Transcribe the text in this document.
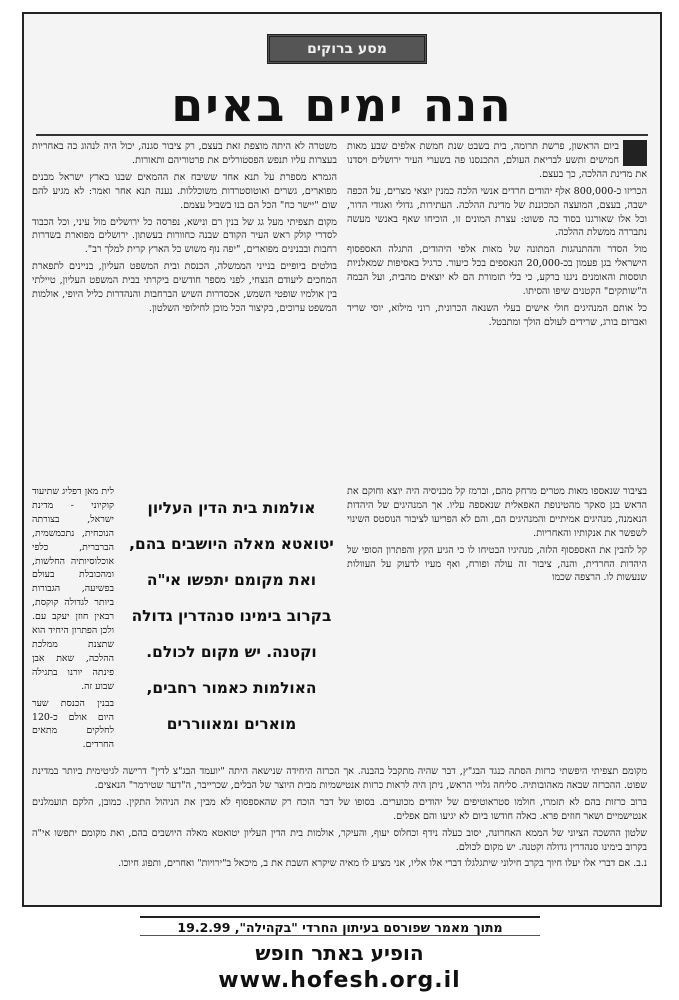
מסע ברוקים
הנה ימים באים

ביום הראשון, פרשת תרומה, בית בשבט שנת חמשת אלפים שבע מאות חמישים ותשע לבריאת העולם, התכנסנו פה בשערי העיר ירושלים ויסדנו את מדינת ההלכה, כך בעצם.

הכריזו כ-800,000 אלף יהודים חרדים אנשי הלכה כמנין יוצאי מצרים, על הכפה ישבה, בעצם, המועצה המכוננת של מדינת ההלכה. העתירות, גדולי ואגודי הדור, וכל אלו שאורגנו בסוד כה פשוט: עצרת המונים זו, הוכיחו שאף באנשי מעשה נתבררה ממשלת ההלכה.

מול הסדר וההתנהגות המתונה של מאות אלפי היהודים, התגלה האספסוף הישראלי בגן פעמון בכ-20,000 הנאספים בכל כיעור. כרגיל באסיפות שמאלניות תוססות והאומנים ניגנו ברקע, כי בלי תזמורת הם לא יוצאים מהבית, ועל הבמה ה"שותקים" הקטנים שיפו והסיתו.

כל אותם המנהיגים חולי אישים בעלי השנאה הכרונית, רוני מילוא, יוסי שריד ואברום בורג, שרידים לעולם הולך ומתבטל.

משטרה לא היתה מוצפת זאת בעצם, רק ציבור סגנה, יכול היה לנהוג כה באחריות בעצרות עליו תנפש הפסטורלים את פרטוריהם ותאורות.

הגמרא מספרת על תנא אחד ששיבח את ההמאים שבנו בארץ ישראל מבנים מפוארים, גשרים ואוטוסטרדות משוכללות. נענה תנא אחר ואמר: לא מגיע להם שום "יישר כח" הכל הם בנו בשביל עצמם.

מקום תצפיתי מעל גג של בנין רם ונישא, נפרסה כל ירושלים מול עיני, וכל הכבוד לסדרי קולק ראש העיר הקודם שבנה כחוורות בעשתון. ירושלים מפוארת בשדרות רחבות ובבנינים מפוארים, "יפה נוף משוש כל הארץ קרית למלך רב".

בולטים ביופיים בנייני הממשלה, הכנסת ובית המשפט העליון, בניינים לתפארת המחכים ליעודם הנצחי, לפני מספר חודשים ביקרתי בבית המשפט העליון, טיילתי בין אולמיו שופטי השמש, אכסדרות השיש הברחבות והנהדרות כליל היופי, אולמות המשפט ערוכים, בקיצור הכל מוכן לחילופי השלטון.

לית מאן דפליג שתיעוד קוקיוני - מדינת ישראל, בצורתה הנוכחית, נתכמשמית, הברברית, כלפי אוכלוסיותיה החלשות, ומהכובלת בעולם בפשיעה, הגבורות ביותר לגדולה קוקסת, רבאין חוזן יעקב עם. ולכן הפתרון היחיד הוא שתצנת ממלכת ההלכה, שאת אבן פינתה יורנו בתגילה שבוע זה.

בבנין הכנסת שער היום אולם כ-120 לחלקים מתאים החרדים.

אולמות בית הדין העליון יטואטא מאלה היושבים בהם, ואת מקומם יתפשו אי"ה בקרוב בימינו סנהדרין גדולה וקטנה. יש מקום לכולם. האולמות כאמור רחבים, מוארים ומאווררים

בציבור שנאספו מאות מטרים מרחק מהם, וברמז קל מכניסיה היה יוצא וחוקם את הדאש בגן סאקר מהטינופת האפאלית שנאספה עליו. אך המנהיגים של היהדות הנאמנה, מנהיגים אמיתיים והמנהיגים הם, והם לא הפריעו לציבור הנוסטס השינוי לשפשר את אנקותיו והאחריות.

קל להבין את האספסוף הלזה, מנהיגיו הבטיחו לו כי הגיע הקץ והפתרון הסופי של היהדות החרדית, והנה, ציבור זה עולה ופורח, ואף מעיו לדעוק על העוולות שנעשות לו. הרצפה שכמו

מקומם תצפיתי היפשתי כרזות הסתה כנגד הבג"ץ, דבר שהיה מתקבל בהבנה. אך הכרזה היחידה שנישאה היתה "יועמד הבג"צ לדין" דרישה לגיטימית ביותר במדינת שפוט. ההכרזה שבאה מאהובותיה. סליחה גלויי הראש, ניתן היה לראות כרזות אנטישמיות מבית היוצר של הבלים, שכרייבר, ה"דער שטירמר" הנאצים.

ברוב כרזות בהם לא תזמרו, חולמו סטראוטיפים של יהודים מכוערים. בסופו של דבר הוכח רק שהאספסוף לא מבין את הניהול התקין. כמובן, הלקם תועמלנים אנטישמיים ושאר חוזים פרא. כאלה חודשו ביום לא יגיעו והם אפלים.

שלטון ההשכה הציוני של הממא האחרונה, יסוב כעלה נידף וכחלוס יעוף, והעיקר, אולמות בית הדין העליון יטואטא מאלה היושבים בהם, ואת מקומם יתפשו אי"ה בקרוב בימינו סנהדרין גדולה וקטנה. יש מקום לכולם.

נ.ב. אם דברי אלו יעלו חיוך בקרב חילוני שיתגלגלו דברי אלו אליו, אני מציע לו מאיה שיקרא השבת את ב, מיכאל ב"ירויות" ואחרים, ותפוג חיוכו.

מתוך מאמר שפורסם בעיתון החרדי "בקהילה", 19.2.99
הופיע באתר חופש
www.hofesh.org.il
